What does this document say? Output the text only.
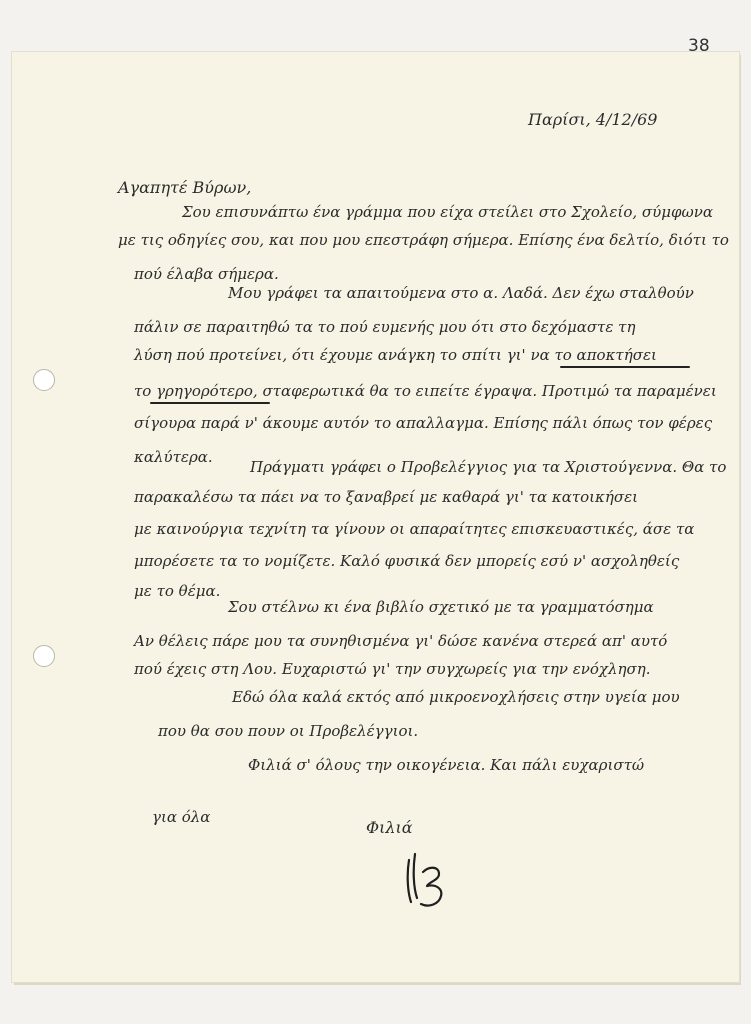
38
Παρίσι, 4/12/69
Αγαπητέ Βύρων,
Σου επισυνάπτω ένα γράμμα που είχα στείλει στο Σχολείο, σύμφωνα
με τις οδηγίες σου, και που μου επεστράφη σήμερα. Επίσης ένα δελτίο, διότι το
πού έλαβα σήμερα.
Μου γράφει τα απαιτούμενα στο α. Λαδά. Δεν έχω σταλθούν
πάλιν σε παραιτηθώ τα το πού ευμενής μου ότι στο δεχόμαστε τη
λύση πού προτείνει, ότι έχουμε ανάγκη το σπίτι γι' να το αποκτήσει
το γρηγορότερο, σταφερωτικά θα το ειπείτε έγραψα. Προτιμώ τα παραμένει
σίγουρα παρά ν' άκουμε αυτόν το απαλλαγμα. Επίσης πάλι όπως τον φέρες
καλύτερα.
Πράγματι γράφει ο Προβελέγγιος για τα Χριστούγεννα. Θα το
παρακαλέσω τα πάει να το ξαναβρεί με καθαρά γι' τα κατοικήσει
με καινούργια τεχνίτη τα γίνουν οι απαραίτητες επισκευαστικές, άσε τα
μπορέσετε τα το νομίζετε. Καλό φυσικά δεν μπορείς εσύ ν' ασχοληθείς
με το θέμα.
Σου στέλνω κι ένα βιβλίο σχετικό με τα γραμματόσημα
Αν θέλεις πάρε μου τα συνηθισμένα γι' δώσε κανένα στερεά απ' αυτό
πού έχεις στη Λου. Ευχαριστώ γι' την συγχωρείς για την ενόχληση.
Εδώ όλα καλά εκτός από μικροενοχλήσεις στην υγεία μου
που θα σου πουν οι Προβελέγγιοι.
Φιλιά σ' όλους την οικογένεια. Και πάλι ευχαριστώ
για όλα
Φιλιά
